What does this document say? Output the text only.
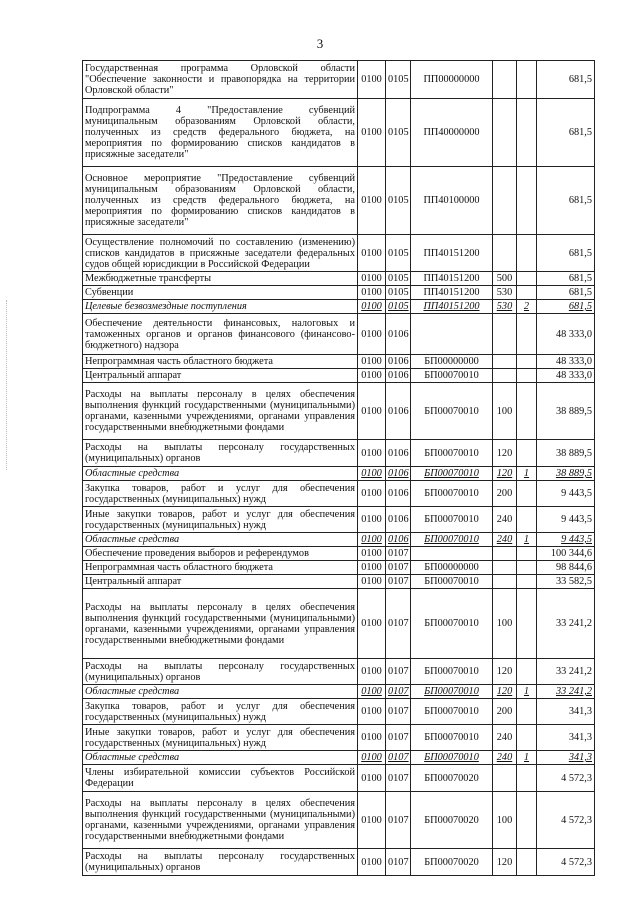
3
Государственная программа Орловской области "Обеспечение законности и правопорядка на территории Орловской области"	0100	0105	ПП00000000			681,5
Подпрограмма 4 "Предоставление субвенций муниципальным образованиям Орловской области, полученных из средств федерального бюджета, на мероприятия по формированию списков кандидатов в присяжные заседатели"	0100	0105	ПП40000000			681,5
Основное мероприятие "Предоставление субвенций муниципальным образованиям Орловской области, полученных из средств федерального бюджета, на мероприятия по формированию списков кандидатов в присяжные заседатели"	0100	0105	ПП40100000			681,5
Осуществление полномочий по составлению (изменению) списков кандидатов в присяжные заседатели федеральных судов общей юрисдикции в Российской Федерации	0100	0105	ПП40151200			681,5
Межбюджетные трансферты	0100	0105	ПП40151200	500		681,5
Субвенции	0100	0105	ПП40151200	530		681,5
Целевые безвозмездные поступления	0100	0105	ПП40151200	530	2	681,5
Обеспечение деятельности финансовых, налоговых и таможенных органов и органов финансового (финансово-бюджетного) надзора	0100	0106				48 333,0
Непрограммная часть областного бюджета	0100	0106	БП00000000			48 333,0
Центральный аппарат	0100	0106	БП00070010			48 333,0
Расходы на выплаты персоналу в целях обеспечения выполнения функций государственными (муниципальными) органами, казенными учреждениями, органами управления государственными внебюджетными фондами	0100	0106	БП00070010	100		38 889,5
Расходы на выплаты персоналу государственных (муниципальных) органов	0100	0106	БП00070010	120		38 889,5
Областные средства	0100	0106	БП00070010	120	1	38 889,5
Закупка товаров, работ и услуг для обеспечения государственных (муниципальных) нужд	0100	0106	БП00070010	200		9 443,5
Иные закупки товаров, работ и услуг для обеспечения государственных (муниципальных) нужд	0100	0106	БП00070010	240		9 443,5
Областные средства	0100	0106	БП00070010	240	1	9 443,5
Обеспечение проведения выборов и референдумов	0100	0107				100 344,6
Непрограммная часть областного бюджета	0100	0107	БП00000000			98 844,6
Центральный аппарат	0100	0107	БП00070010			33 582,5
Расходы на выплаты персоналу в целях обеспечения выполнения функций государственными (муниципальными) органами, казенными учреждениями, органами управления государственными внебюджетными фондами	0100	0107	БП00070010	100		33 241,2
Расходы на выплаты персоналу государственных (муниципальных) органов	0100	0107	БП00070010	120		33 241,2
Областные средства	0100	0107	БП00070010	120	1	33 241,2
Закупка товаров, работ и услуг для обеспечения государственных (муниципальных) нужд	0100	0107	БП00070010	200		341,3
Иные закупки товаров, работ и услуг для обеспечения государственных (муниципальных) нужд	0100	0107	БП00070010	240		341,3
Областные средства	0100	0107	БП00070010	240	1	341,3
Члены избирательной комиссии субъектов Российской Федерации	0100	0107	БП00070020			4 572,3
Расходы на выплаты персоналу в целях обеспечения выполнения функций государственными (муниципальными) органами, казенными учреждениями, органами управления государственными внебюджетными фондами	0100	0107	БП00070020	100		4 572,3
Расходы на выплаты персоналу государственных (муниципальных) органов	0100	0107	БП00070020	120		4 572,3
